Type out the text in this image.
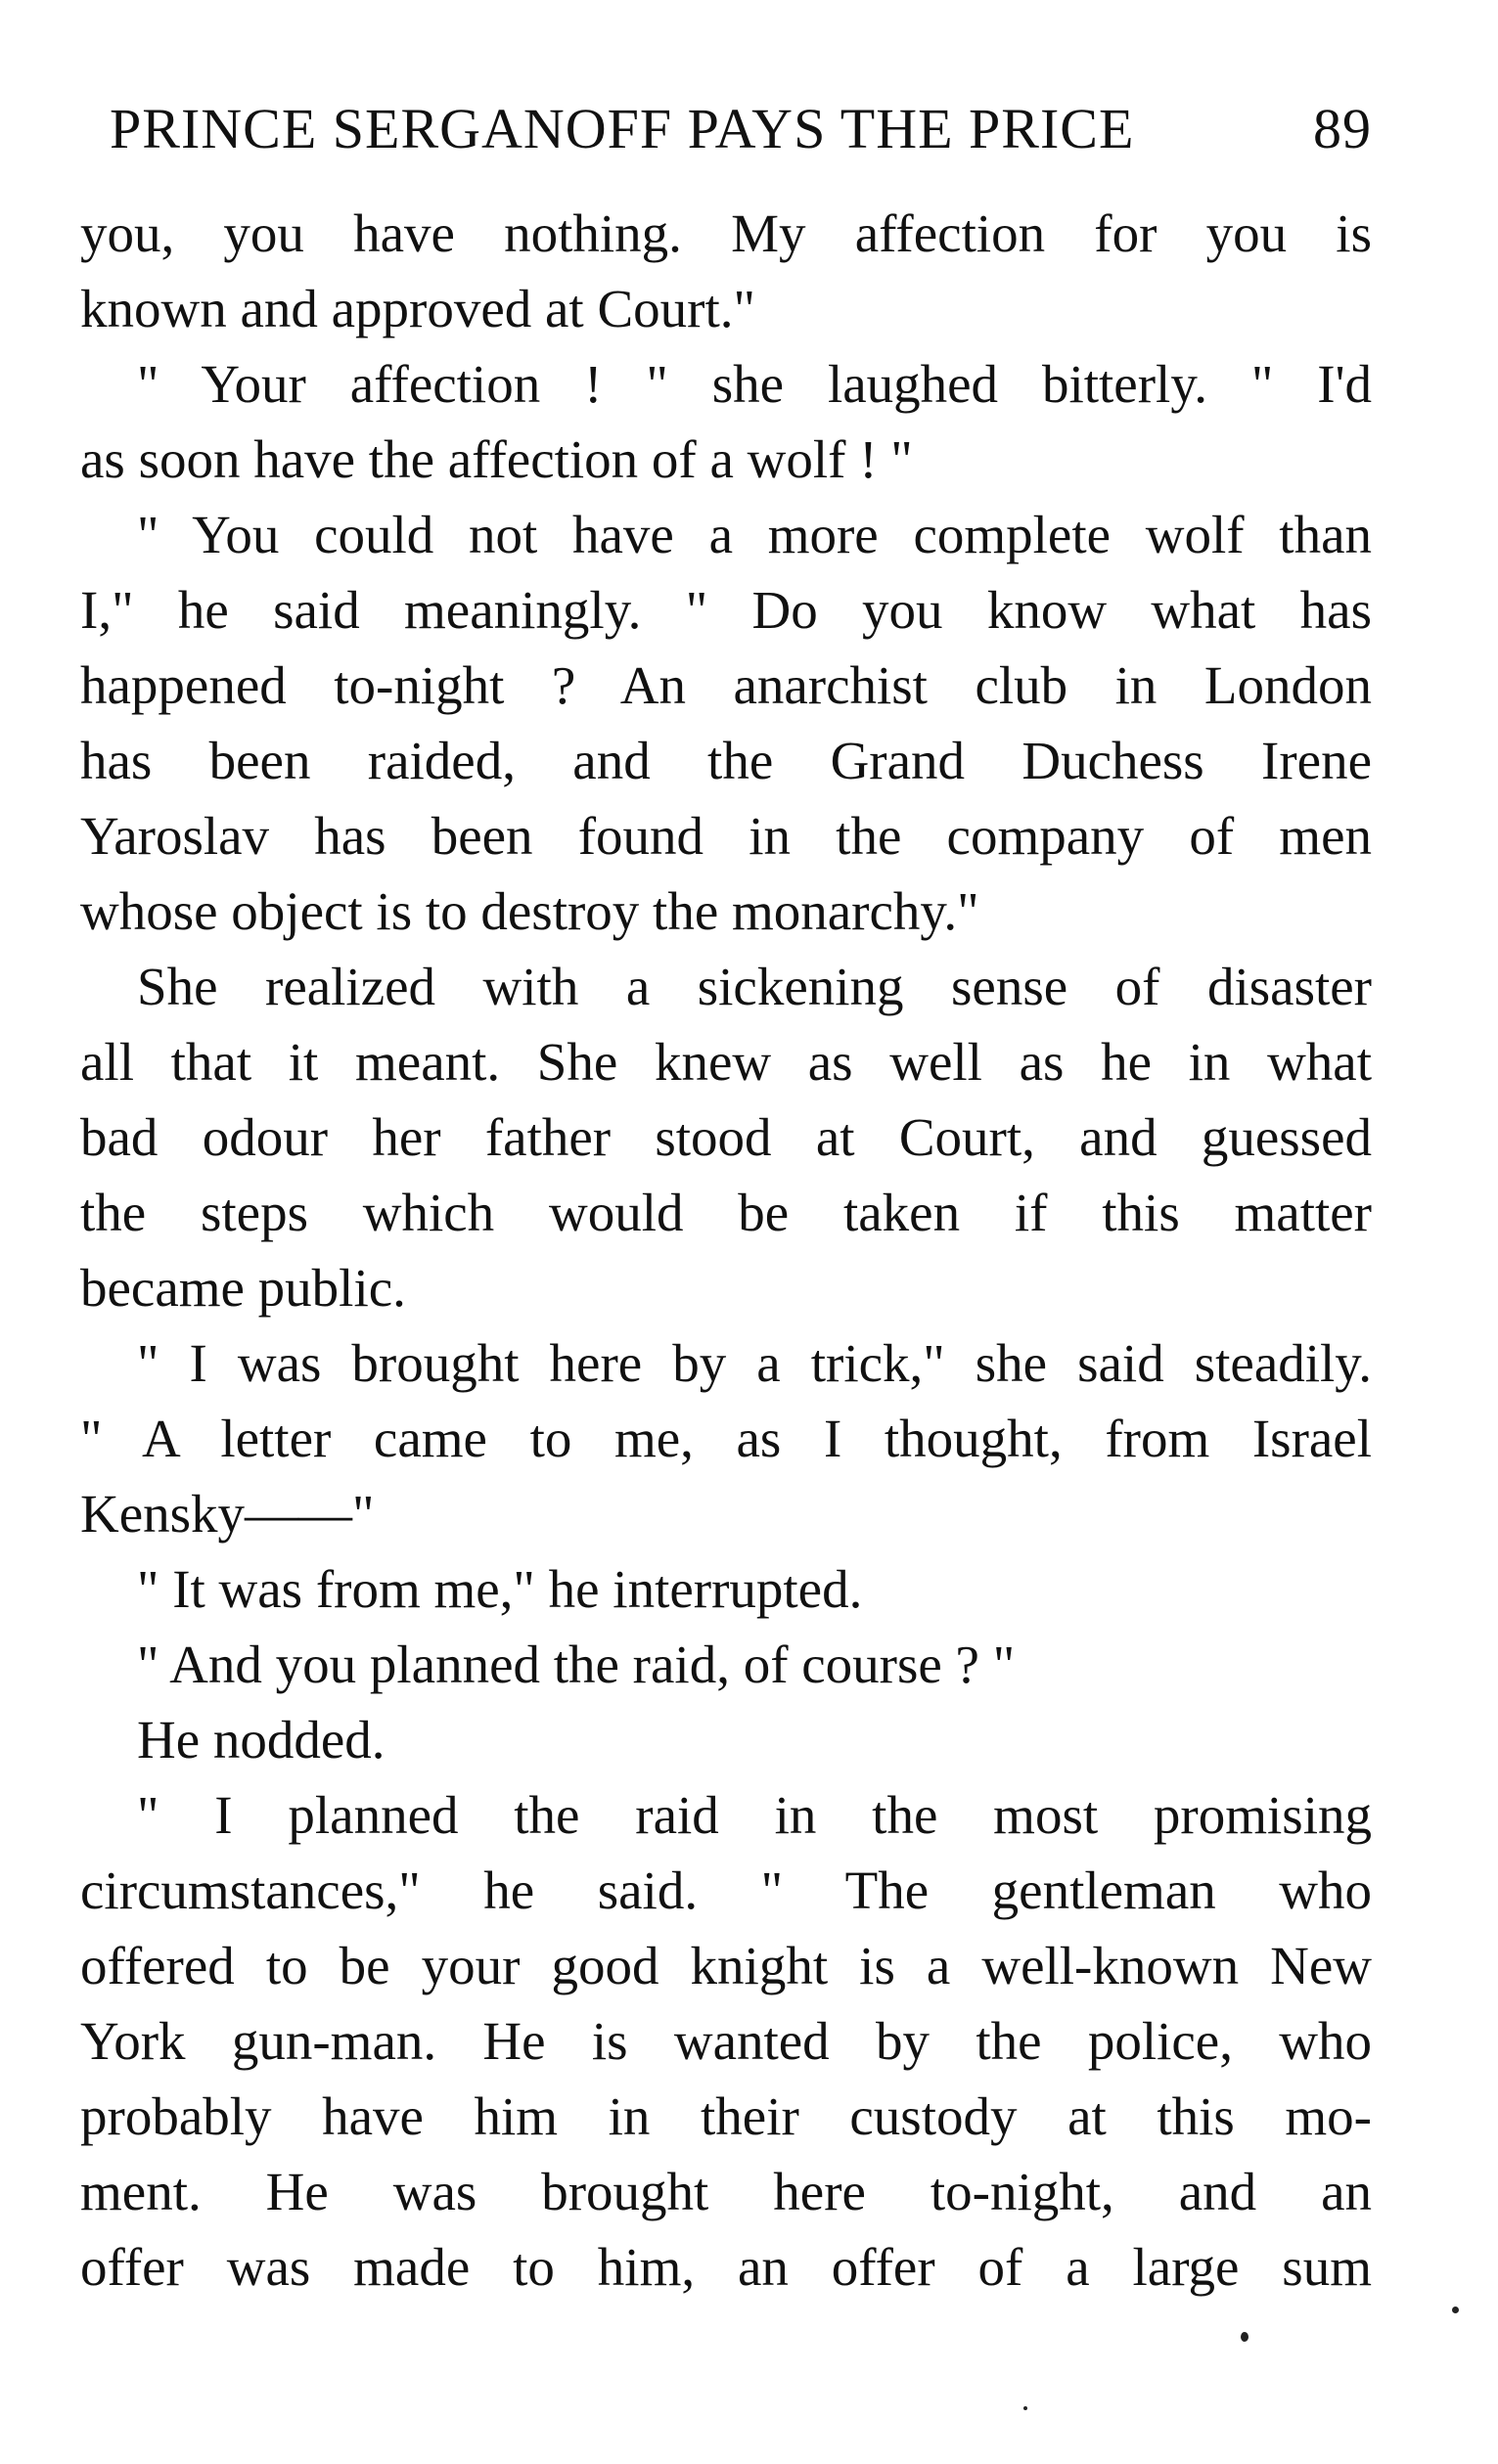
PRINCE SERGANOFF PAYS THE PRICE	89
you, you have nothing. My affection for you is
known and approved at Court."
" Your affection ! " she laughed bitterly. " I'd
as soon have the affection of a wolf ! "
" You could not have a more complete wolf than
I," he said meaningly. " Do you know what has
happened to-night ? An anarchist club in London
has been raided, and the Grand Duchess Irene
Yaroslav has been found in the company of men
whose object is to destroy the monarchy."
She realized with a sickening sense of disaster
all that it meant. She knew as well as he in what
bad odour her father stood at Court, and guessed
the steps which would be taken if this matter
became public.
" I was brought here by a trick," she said steadily.
" A letter came to me, as I thought, from Israel
Kensky——"
" It was from me," he interrupted.
" And you planned the raid, of course ? "
He nodded.
" I planned the raid in the most promising
circumstances," he said. " The gentleman who
offered to be your good knight is a well-known New
York gun-man. He is wanted by the police, who
probably have him in their custody at this mo-
ment. He was brought here to-night, and an
offer was made to him, an offer of a large sum
